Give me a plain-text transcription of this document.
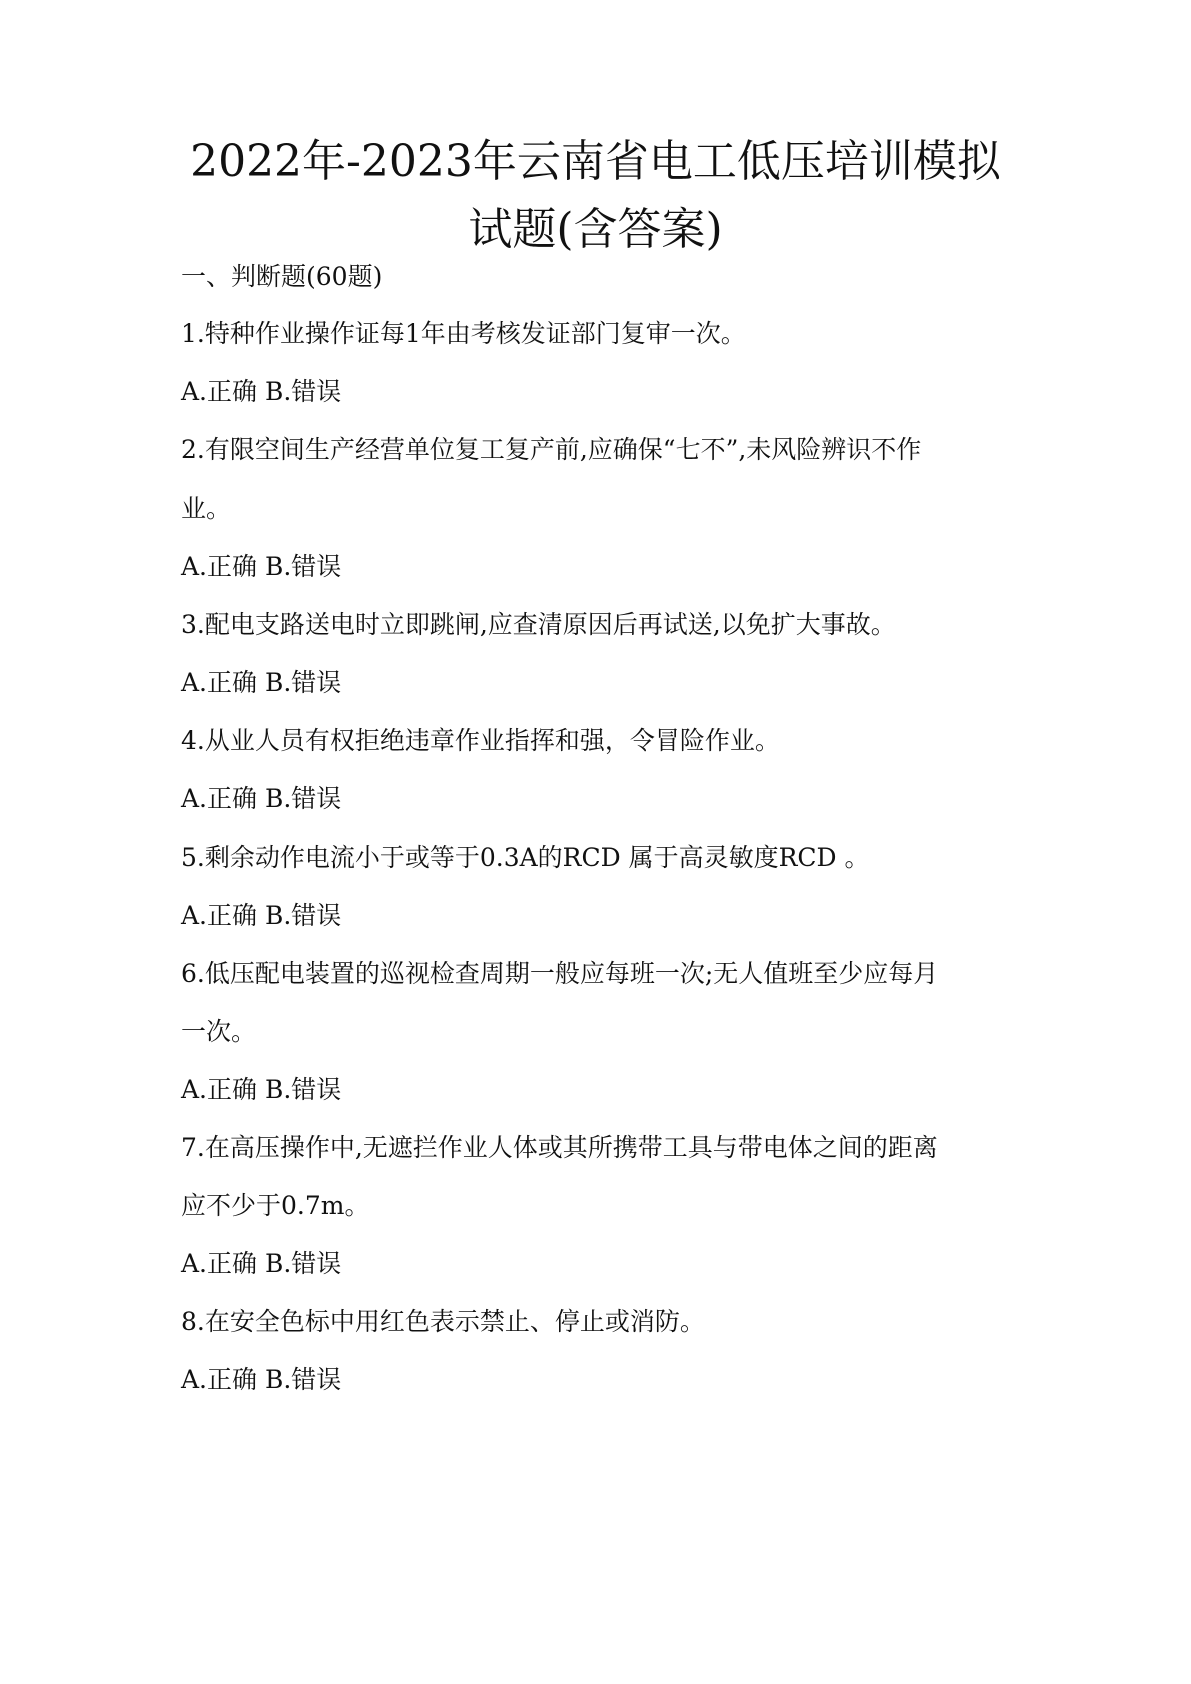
2022年-2023年云南省电工低压培训模拟
试题(含答案)

一、判断题(60题)

1.特种作业操作证每1年由考核发证部门复审一次。

A.正确 B.错误

2.有限空间生产经营单位复工复产前,应确保“七不”,未风险辨识不作

业。

A.正确 B.错误

3.配电支路送电时立即跳闸,应查清原因后再试送,以免扩大事故。

A.正确 B.错误

4.从业人员有权拒绝违章作业指挥和强，令冒险作业。

A.正确 B.错误

5.剩余动作电流小于或等于0.3A的RCD 属于高灵敏度RCD 。

A.正确 B.错误

6.低压配电装置的巡视检查周期一般应每班一次;无人值班至少应每月

一次。

A.正确 B.错误

7.在高压操作中,无遮拦作业人体或其所携带工具与带电体之间的距离

应不少于0.7m。

A.正确 B.错误

8.在安全色标中用红色表示禁止、停止或消防。

A.正确 B.错误
